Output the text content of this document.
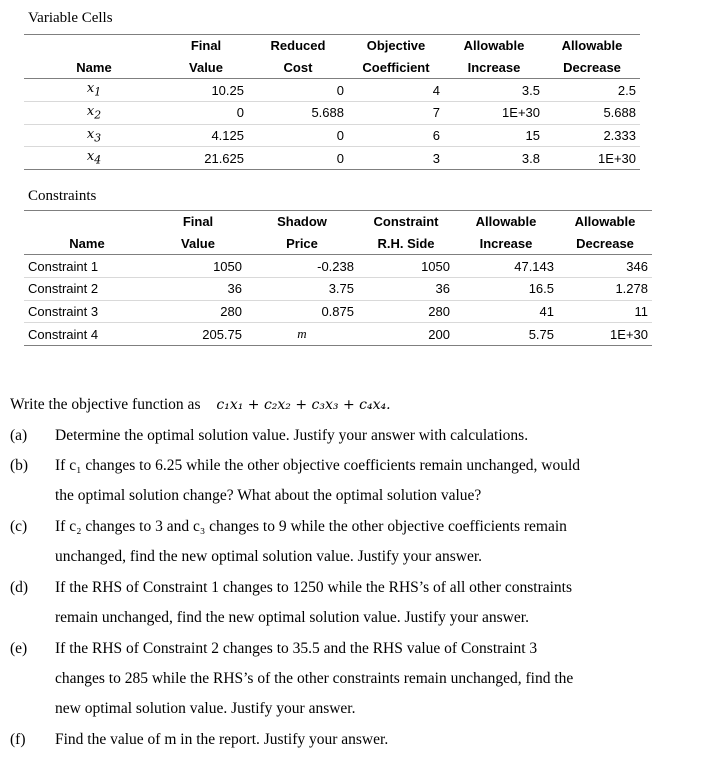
Variable Cells
	Final	Reduced	Objective	Allowable	Allowable
Name	Value	Cost	Coefficient	Increase	Decrease
$x_1$	10.25	0	4	3.5	2.5
$x_2$	0	5.688	7	1E+30	5.688
$x_3$	4.125	0	6	15	2.333
$x_4$	21.625	0	3	3.8	1E+30
Constraints
	Final	Shadow	Constraint	Allowable	Allowable
Name	Value	Price	R.H. Side	Increase	Decrease
Constraint 1	1050	-0.238	1050	47.143	346
Constraint 2	36	3.75	36	16.5	1.278
Constraint 3	280	0.875	280	41	11
Constraint 4	205.75	m	200	5.75	1E+30
Write the objective function as c₁x₁ + c₂x₂ + c₃x₃ + c₄x₄.
(a)	Determine the optimal solution value. Justify your answer with calculations.
(b)	If c₁ changes to 6.25 while the other objective coefficients remain unchanged, would
the optimal solution change? What about the optimal solution value?
(c)	If c₂ changes to 3 and c₃ changes to 9 while the other objective coefficients remain
unchanged, find the new optimal solution value. Justify your answer.
(d)	If the RHS of Constraint 1 changes to 1250 while the RHS’s of all other constraints
remain unchanged, find the new optimal solution value. Justify your answer.
(e)	If the RHS of Constraint 2 changes to 35.5 and the RHS value of Constraint 3
changes to 285 while the RHS’s of the other constraints remain unchanged, find the
new optimal solution value. Justify your answer.
(f)	Find the value of m in the report. Justify your answer.
